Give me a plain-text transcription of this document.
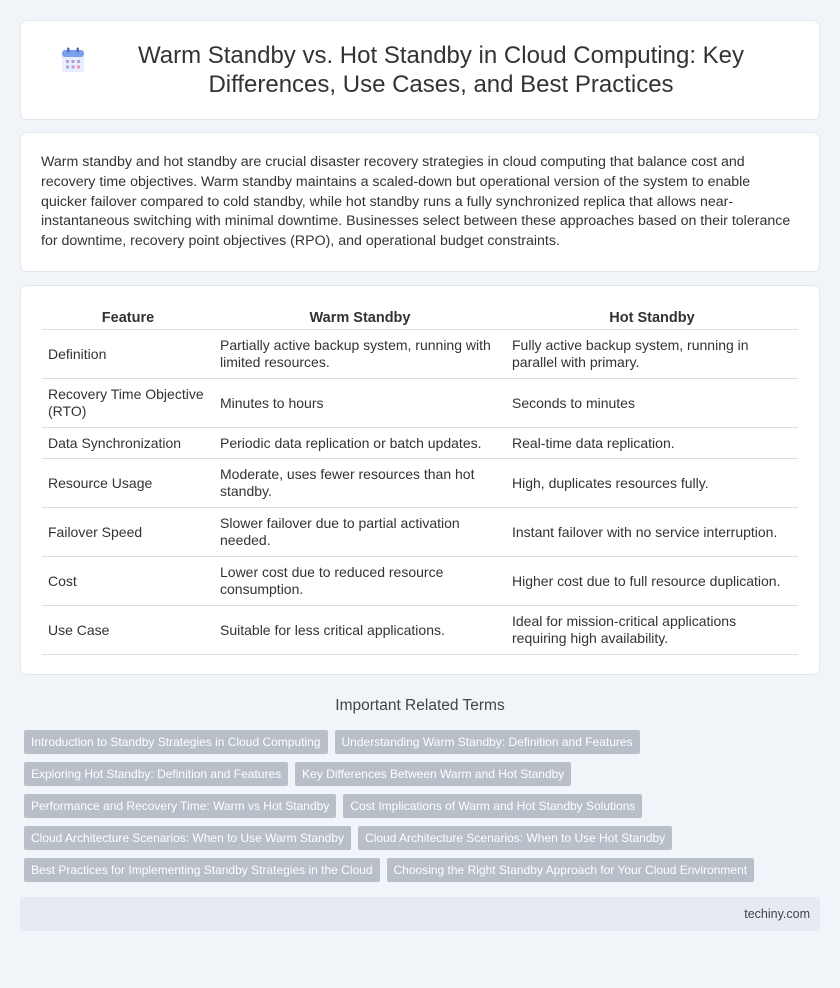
Warm Standby vs. Hot Standby in Cloud Computing: Key Differences, Use Cases, and Best Practices

Warm standby and hot standby are crucial disaster recovery strategies in cloud computing that balance cost and recovery time objectives. Warm standby maintains a scaled-down but operational version of the system to enable quicker failover compared to cold standby, while hot standby runs a fully synchronized replica that allows near-instantaneous switching with minimal downtime. Businesses select between these approaches based on their tolerance for downtime, recovery point objectives (RPO), and operational budget constraints.

Feature	Warm Standby	Hot Standby
Definition	Partially active backup system, running with limited resources.	Fully active backup system, running in parallel with primary.
Recovery Time Objective (RTO)	Minutes to hours	Seconds to minutes
Data Synchronization	Periodic data replication or batch updates.	Real-time data replication.
Resource Usage	Moderate, uses fewer resources than hot standby.	High, duplicates resources fully.
Failover Speed	Slower failover due to partial activation needed.	Instant failover with no service interruption.
Cost	Lower cost due to reduced resource consumption.	Higher cost due to full resource duplication.
Use Case	Suitable for less critical applications.	Ideal for mission-critical applications requiring high availability.
Important Related Terms
Introduction to Standby Strategies in Cloud Computing	Understanding Warm Standby: Definition and Features
Exploring Hot Standby: Definition and Features	Key Differences Between Warm and Hot Standby
Performance and Recovery Time: Warm vs Hot Standby	Cost Implications of Warm and Hot Standby Solutions
Cloud Architecture Scenarios: When to Use Warm Standby	Cloud Architecture Scenarios: When to Use Hot Standby
Best Practices for Implementing Standby Strategies in the Cloud	Choosing the Right Standby Approach for Your Cloud Environment
techiny.com
